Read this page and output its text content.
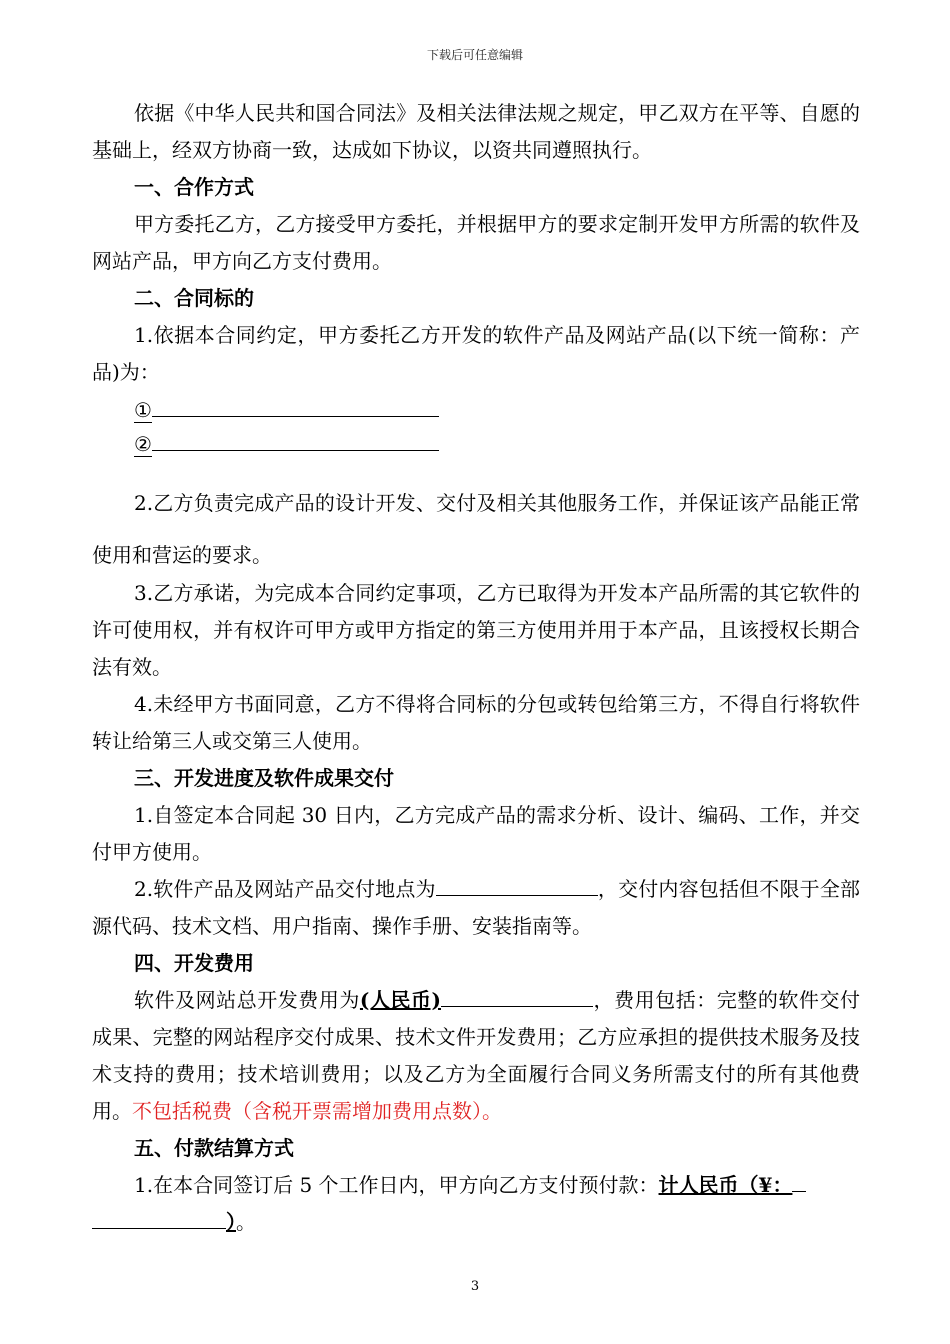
下载后可任意编辑

依据《中华人民共和国合同法》及相关法律法规之规定，甲乙双方在平等、自愿的基础上，经双方协商一致，达成如下协议，以资共同遵照执行。

一、合作方式

甲方委托乙方，乙方接受甲方委托，并根据甲方的要求定制开发甲方所需的软件及网站产品，甲方向乙方支付费用。

二、合同标的

1.依据本合同约定，甲方委托乙方开发的软件产品及网站产品(以下统一简称：产品)为：

①

②

2.乙方负责完成产品的设计开发、交付及相关其他服务工作，并保证该产品能正常使用和营运的要求。

3.乙方承诺，为完成本合同约定事项，乙方已取得为开发本产品所需的其它软件的许可使用权，并有权许可甲方或甲方指定的第三方使用并用于本产品，且该授权长期合法有效。

4.未经甲方书面同意，乙方不得将合同标的分包或转包给第三方，不得自行将软件转让给第三人或交第三人使用。

三、开发进度及软件成果交付

1.自签定本合同起 30 日内，乙方完成产品的需求分析、设计、编码、工作，并交付甲方使用。

2.软件产品及网站产品交付地点为	，交付内容包括但不限于全部源代码、技术文档、用户指南、操作手册、安装指南等。

四、开发费用

软件及网站总开发费用为(人民币)	，费用包括：完整的软件交付成果、完整的网站程序交付成果、技术文件开发费用；乙方应承担的提供技术服务及技术支持的费用；技术培训费用；以及乙方为全面履行合同义务所需支付的所有其他费用。不包括税费（含税开票需增加费用点数）。

五、付款结算方式

1.在本合同签订后 5 个工作日内，甲方向乙方支付预付款：计人民币（¥：
）。

3
